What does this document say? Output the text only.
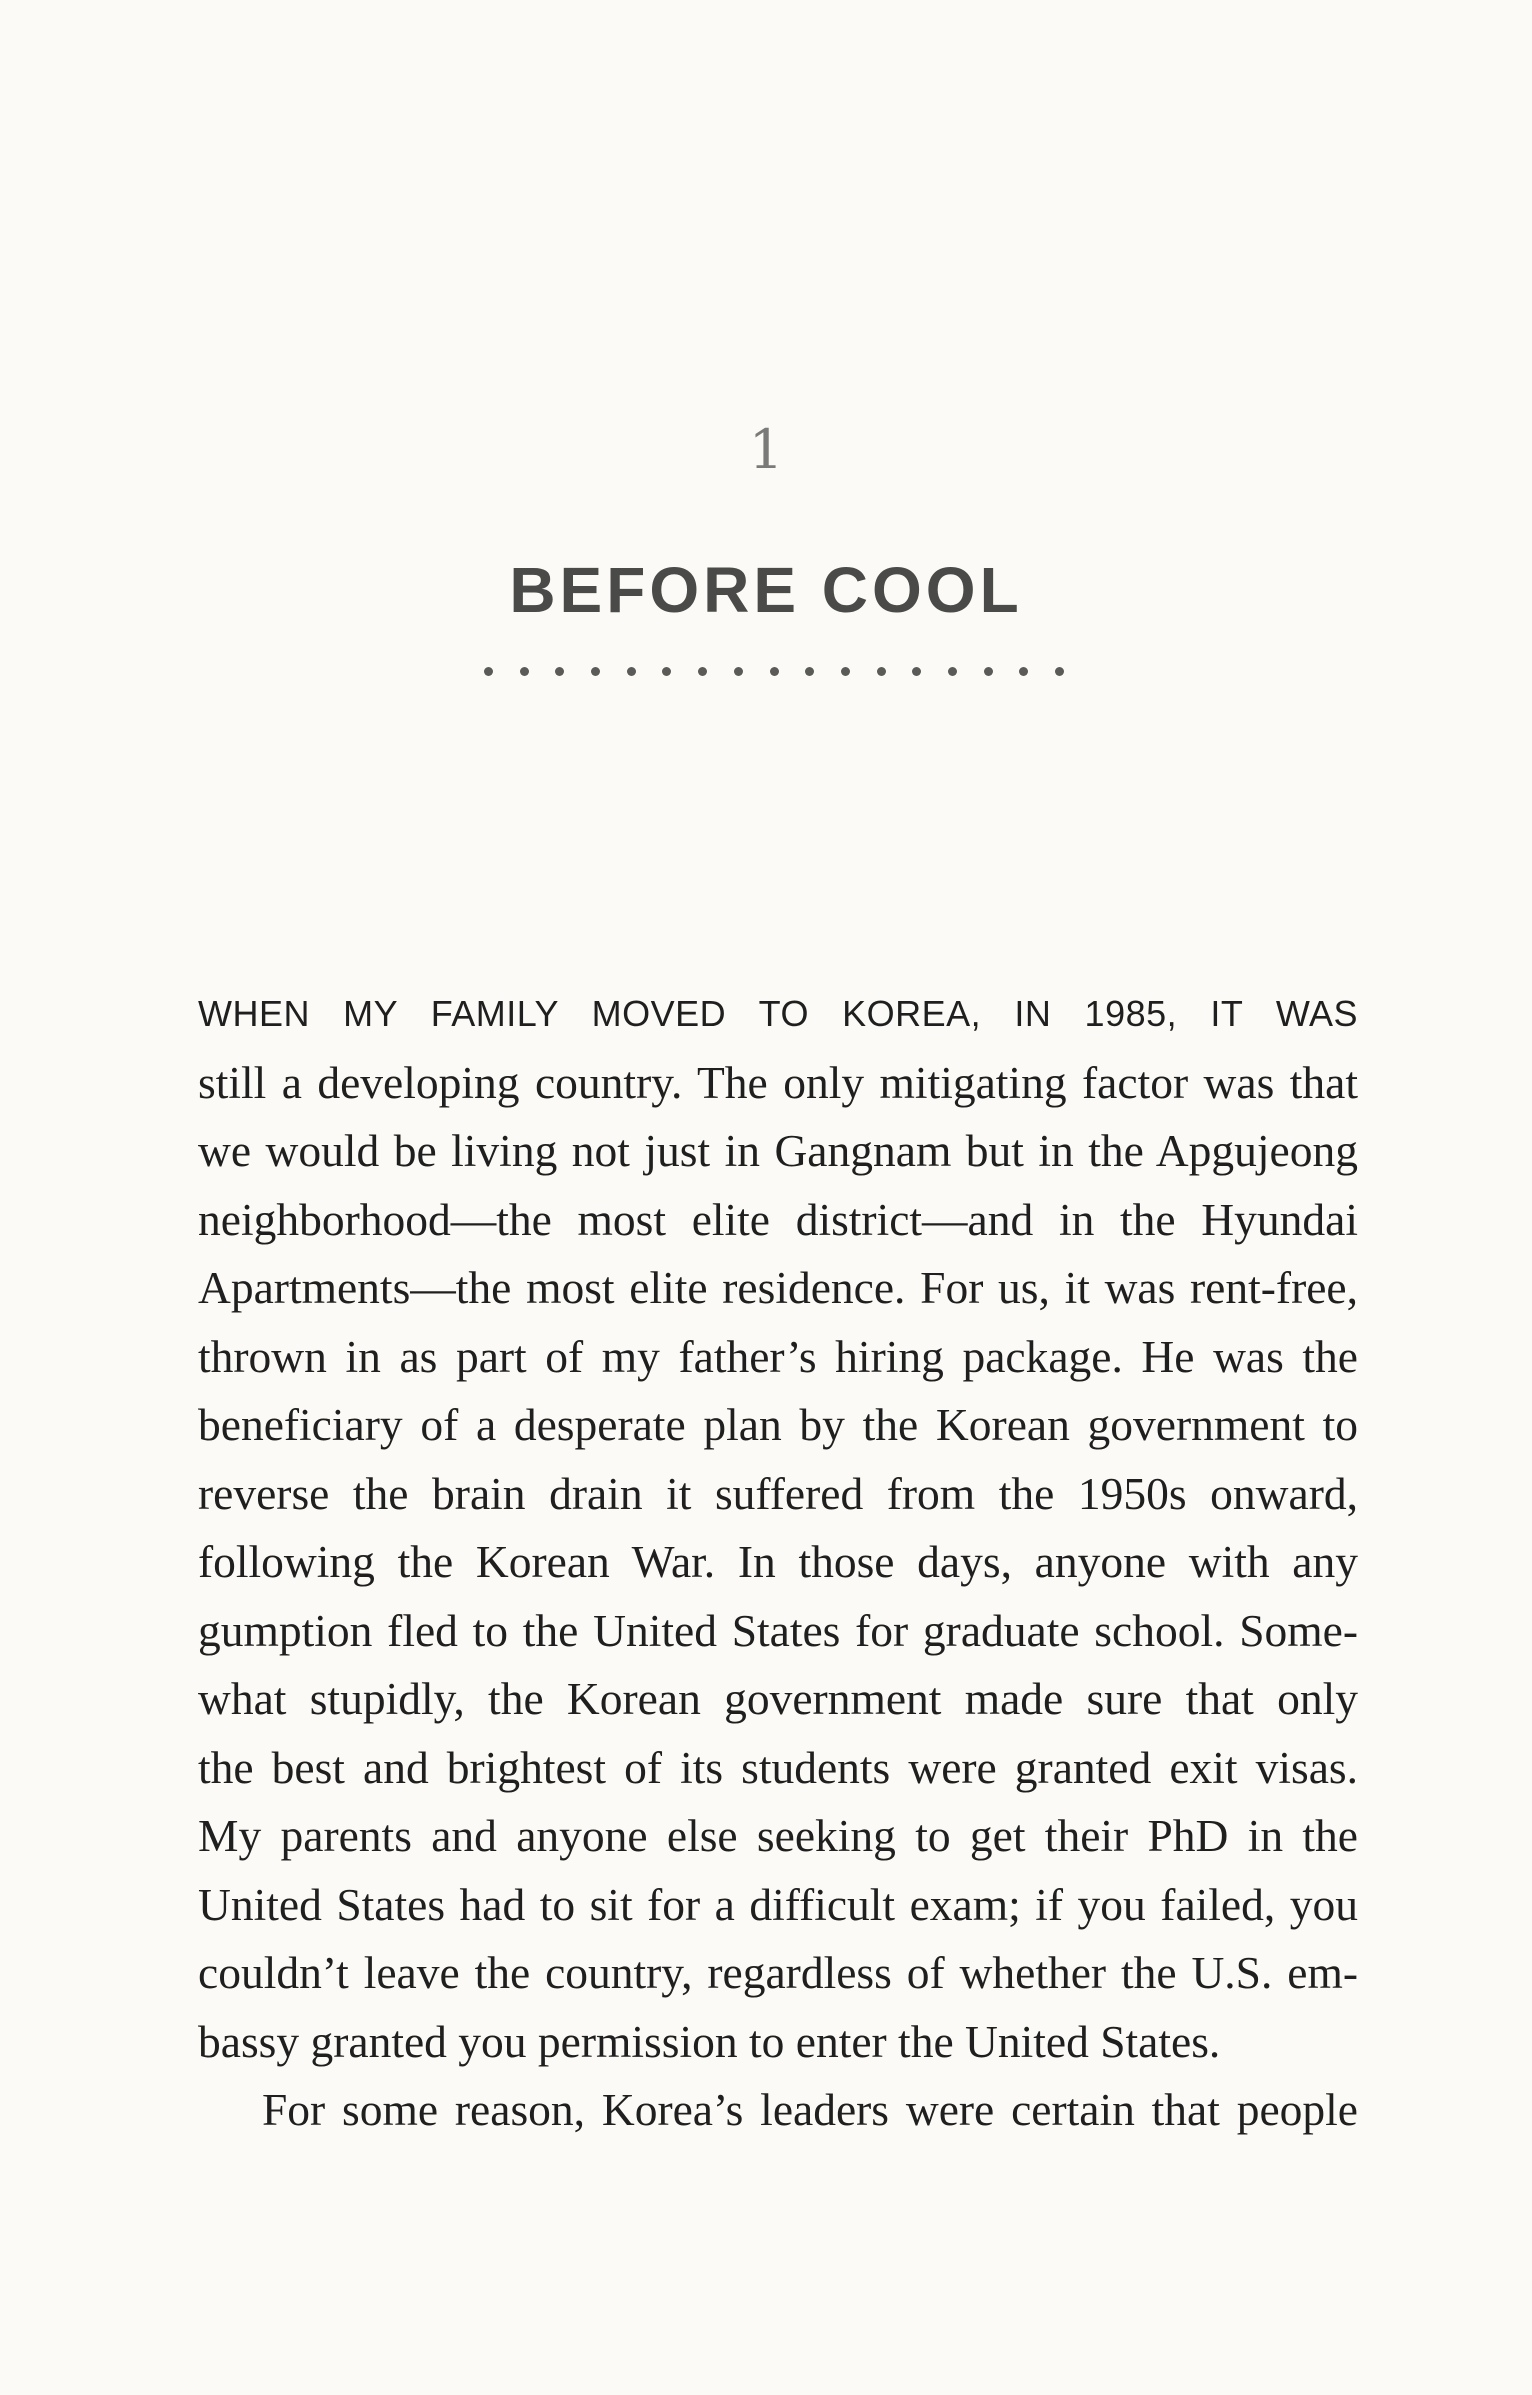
1
BEFORE COOL

WHEN MY FAMILY MOVED TO KOREA, IN 1985, IT WAS
still a developing country. The only mitigating factor was that
we would be living not just in Gangnam but in the Apgujeong
neighborhood—the most elite district—and in the Hyundai
Apartments—the most elite residence. For us, it was rent-free,
thrown in as part of my father’s hiring package. He was the
beneficiary of a desperate plan by the Korean government to
reverse the brain drain it suffered from the 1950s onward,
following the Korean War. In those days, anyone with any
gumption fled to the United States for graduate school. Some-
what stupidly, the Korean government made sure that only
the best and brightest of its students were granted exit visas.
My parents and anyone else seeking to get their PhD in the
United States had to sit for a difficult exam; if you failed, you
couldn’t leave the country, regardless of whether the U.S. em-
bassy granted you permission to enter the United States.

For some reason, Korea’s leaders were certain that people
